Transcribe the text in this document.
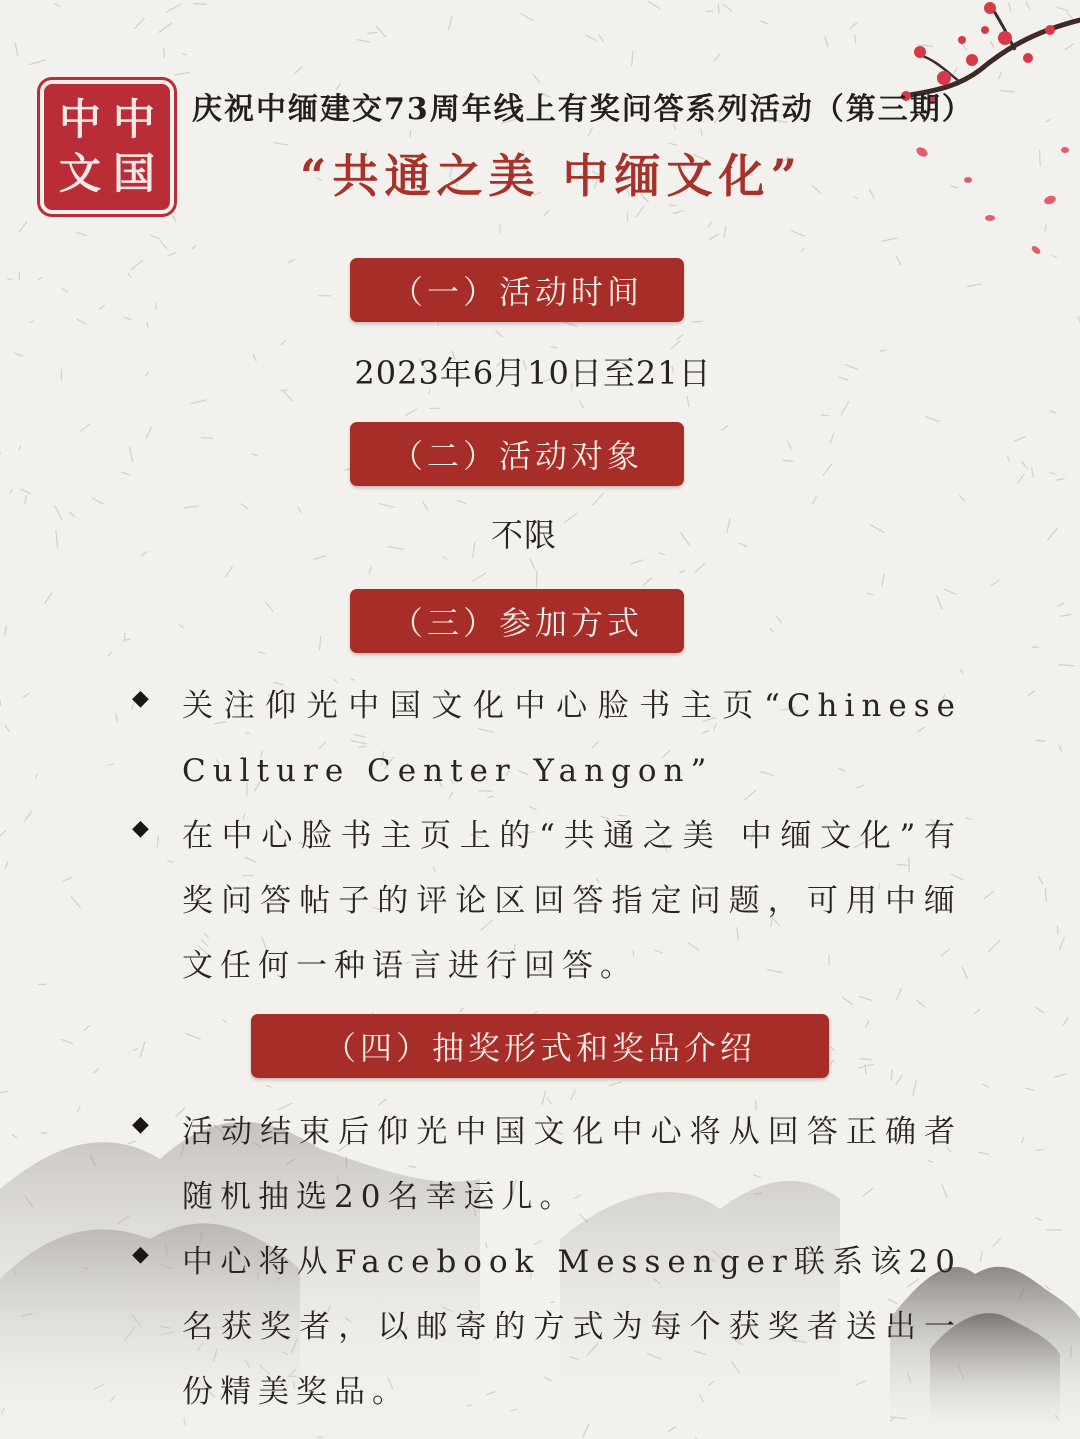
中 中
文 国
庆祝中缅建交73周年线上有奖问答系列活动（第三期）
“共通之美 中缅文化”
（一）活动时间
2023年6月10日至21日
（二）活动对象
不限
（三）参加方式
◆ 关注仰光中国文化中心脸书主页“Chinese Culture Center Yangon”

◆ 在中心脸书主页上的“共通之美 中缅文化”有奖问答帖子的评论区回答指定问题，可用中缅文任何一种语言进行回答。

（四）抽奖形式和奖品介绍
◆ 活动结束后仰光中国文化中心将从回答正确者随机抽选20名幸运儿。

◆ 中心将从Facebook Messenger联系该20名获奖者，以邮寄的方式为每个获奖者送出一份精美奖品。
